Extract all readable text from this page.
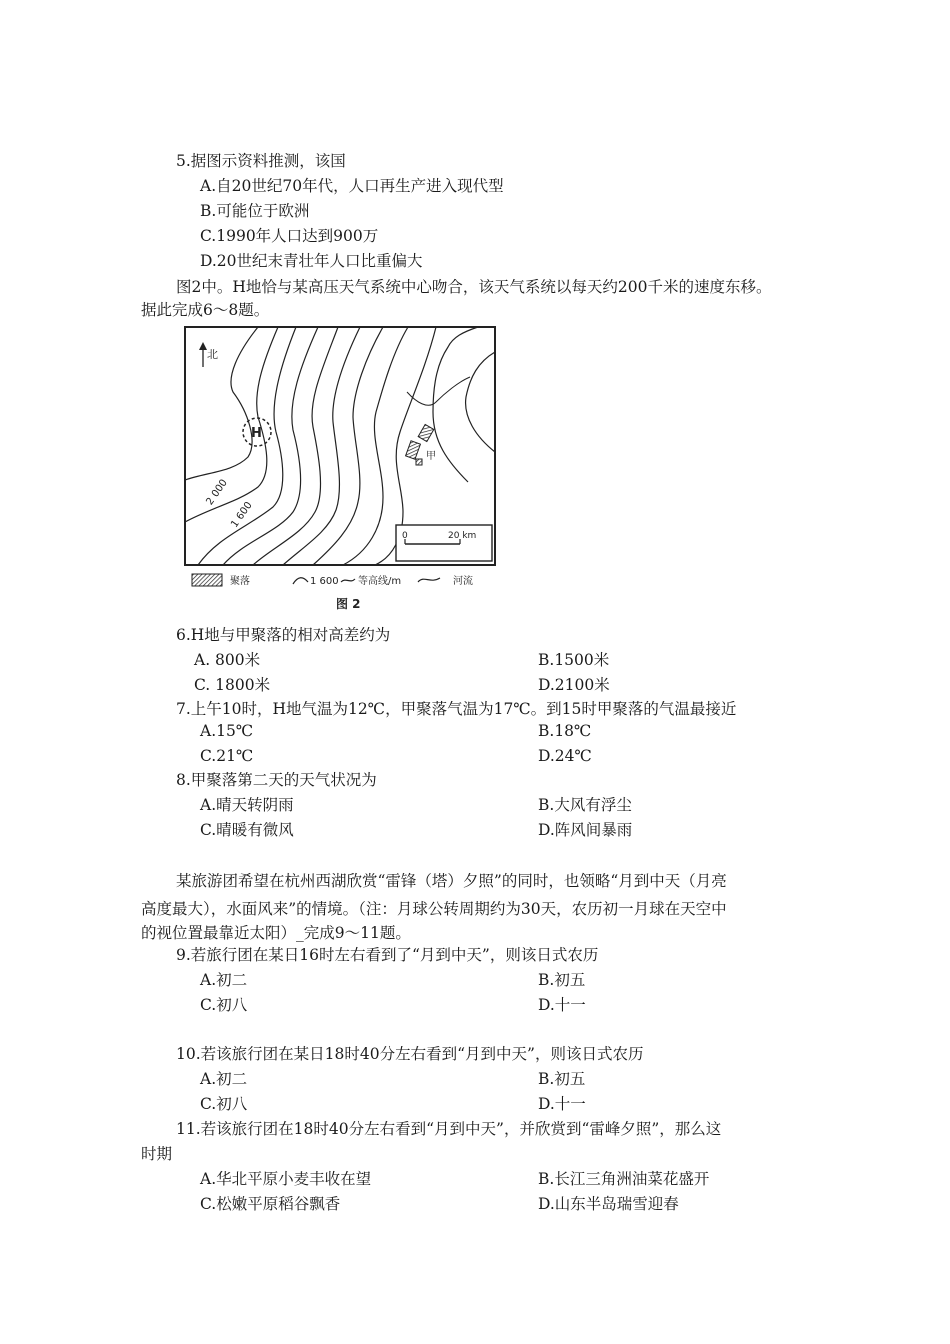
5.据图示资料推测，该国
A.自20世纪70年代，人口再生产进入现代型
B.可能位于欧洲
C.1990年人口达到900万
D.20世纪末青壮年人口比重偏大
图2中。H地恰与某高压天气系统中心吻合，该天气系统以每天约200千米的速度东移。
据此完成6～8题。
北
H
甲
2 000
1 600
0	20 km
聚落	1 600 等高线/m	河流
图 2
6.H地与甲聚落的相对高差约为
A. 800米	B.1500米
C. 1800米	D.2100米
7.上午10时，H地气温为12℃，甲聚落气温为17℃。到15时甲聚落的气温最接近
A.15℃	B.18℃
C.21℃	D.24℃
8.甲聚落第二天的天气状况为
A.晴天转阴雨	B.大风有浮尘
C.晴暖有微风	D.阵风间暴雨
某旅游团希望在杭州西湖欣赏“雷锋（塔）夕照”的同时，也领略“月到中天（月亮
高度最大），水面风来”的情境。（注：月球公转周期约为30天，农历初一月球在天空中
的视位置最靠近太阳）_完成9～11题。
9.若旅行团在某日16时左右看到了“月到中天”，则该日式农历
A.初二	B.初五
C.初八	D.十一
10.若该旅行团在某日18时40分左右看到“月到中天”，则该日式农历
A.初二	B.初五
C.初八	D.十一
11.若该旅行团在18时40分左右看到“月到中天”，并欣赏到“雷峰夕照”，那么这
时期
A.华北平原小麦丰收在望	B.长江三角洲油菜花盛开
C.松嫩平原稻谷飘香	D.山东半岛瑞雪迎春
